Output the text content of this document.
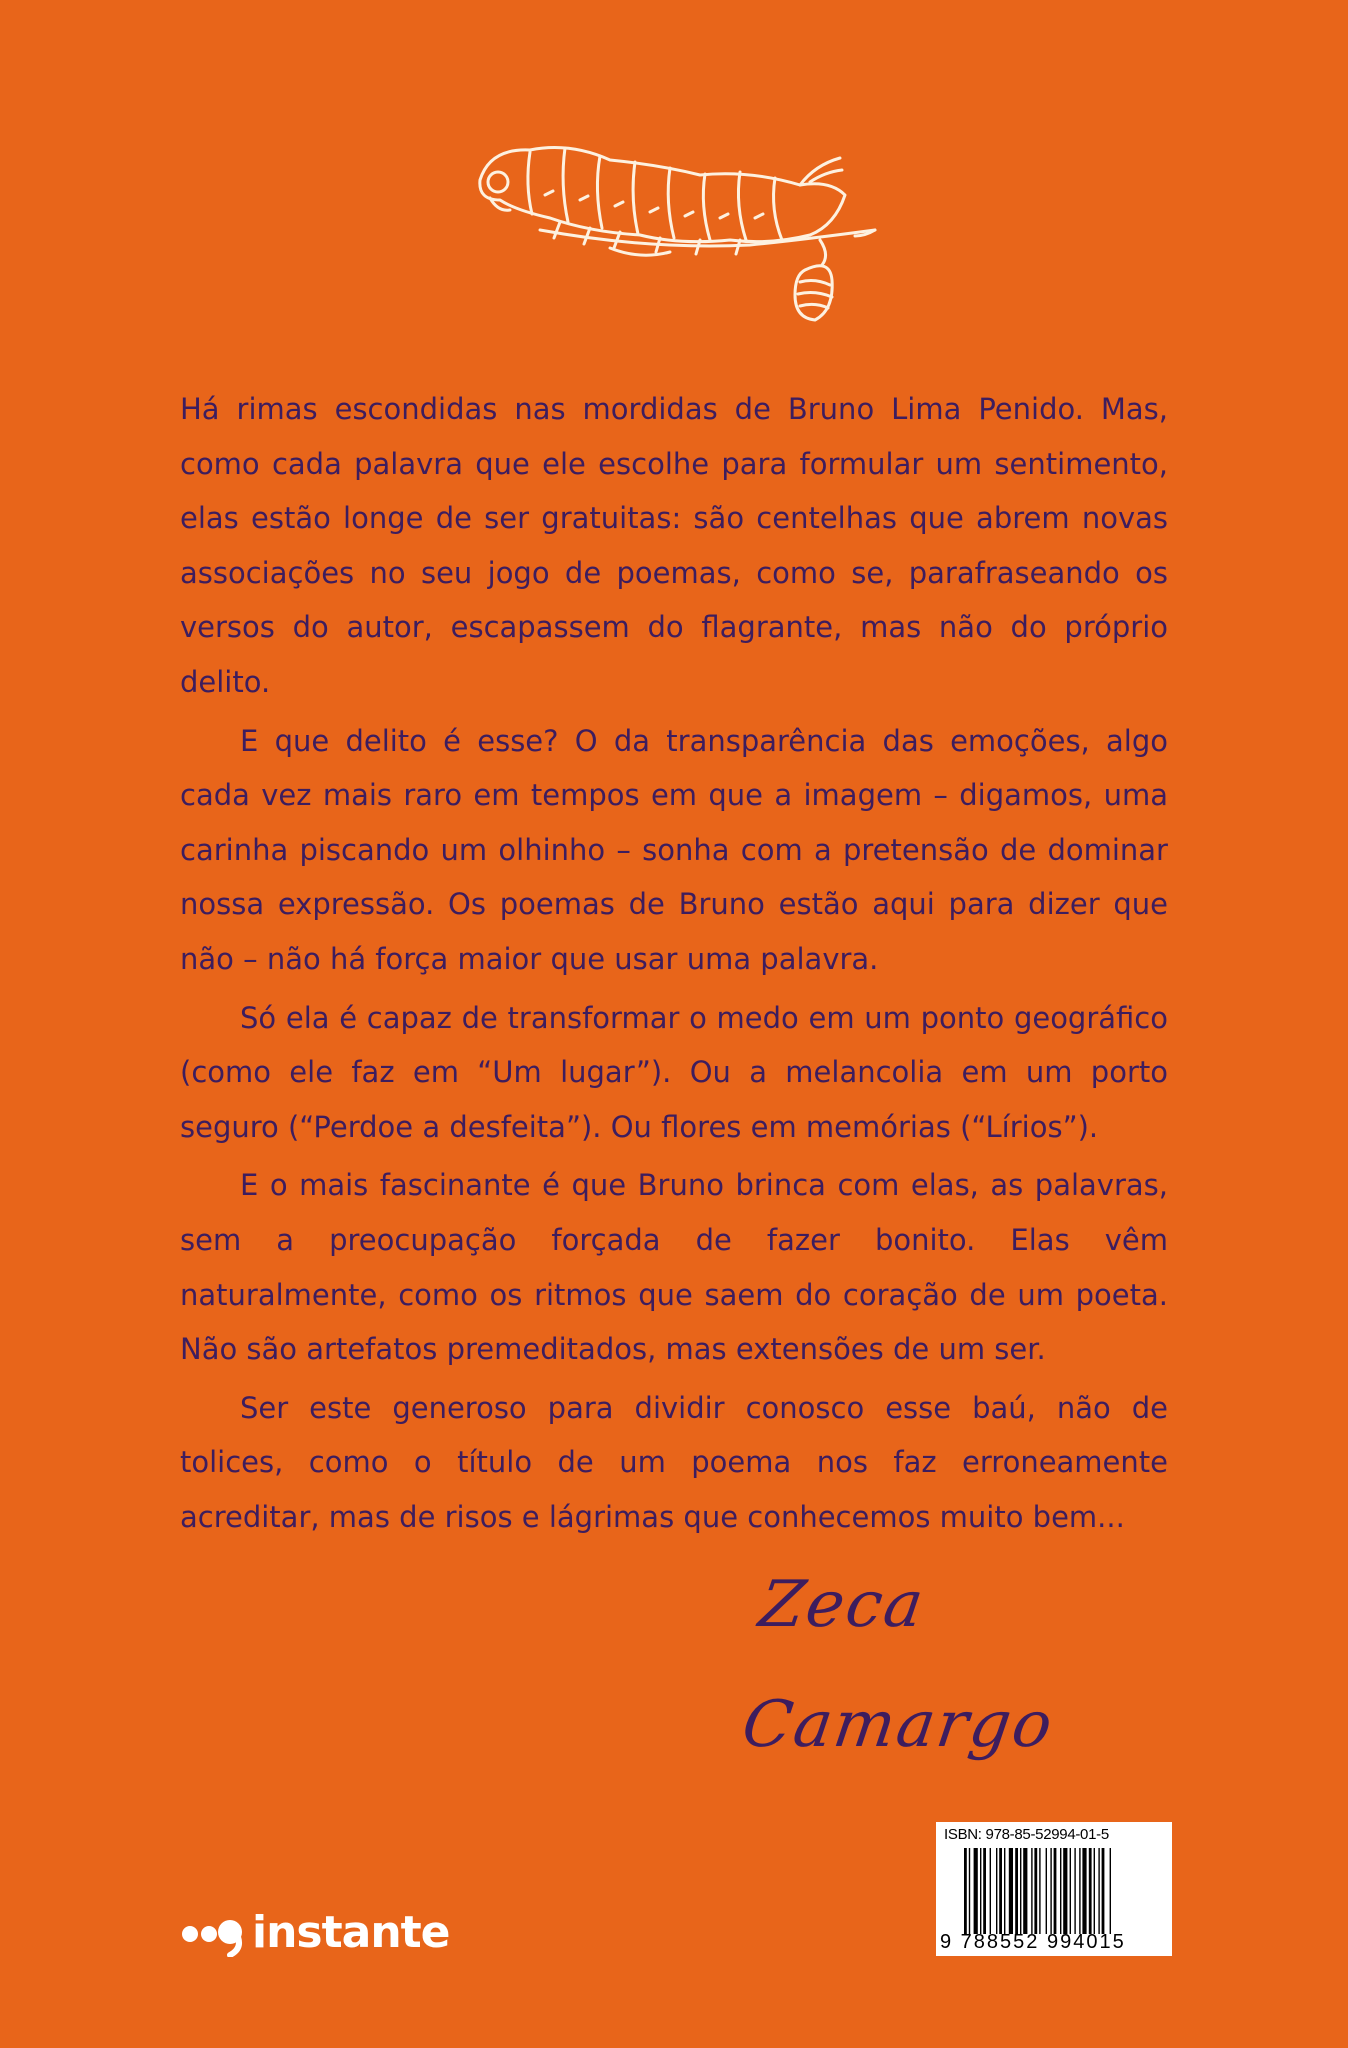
Há rimas escondidas nas mordidas de Bruno Lima Penido. Mas, como cada palavra que ele escolhe para formular um sentimento, elas estão longe de ser gratuitas: são centelhas que abrem novas associações no seu jogo de poemas, como se, parafraseando os versos do autor, escapassem do flagrante, mas não do próprio delito.

E que delito é esse? O da transparência das emoções, algo cada vez mais raro em tempos em que a imagem – digamos, uma carinha piscando um olhinho – sonha com a pretensão de dominar nossa expressão. Os poemas de Bruno estão aqui para dizer que não – não há força maior que usar uma palavra.

Só ela é capaz de transformar o medo em um ponto geográfico (como ele faz em “Um lugar”). Ou a melancolia em um porto seguro (“Perdoe a desfeita”). Ou flores em memórias (“Lírios”).

E o mais fascinante é que Bruno brinca com elas, as palavras, sem a preocupação forçada de fazer bonito. Elas vêm naturalmente, como os ritmos que saem do coração de um poeta. Não são artefatos premeditados, mas extensões de um ser.

Ser este generoso para dividir conosco esse baú, não de tolices, como o título de um poema nos faz erroneamente acreditar, mas de risos e lágrimas que conhecemos muito bem...

Zeca Camargo
instante
ISBN: 978-85-52994-01-5
9 788552 994015
